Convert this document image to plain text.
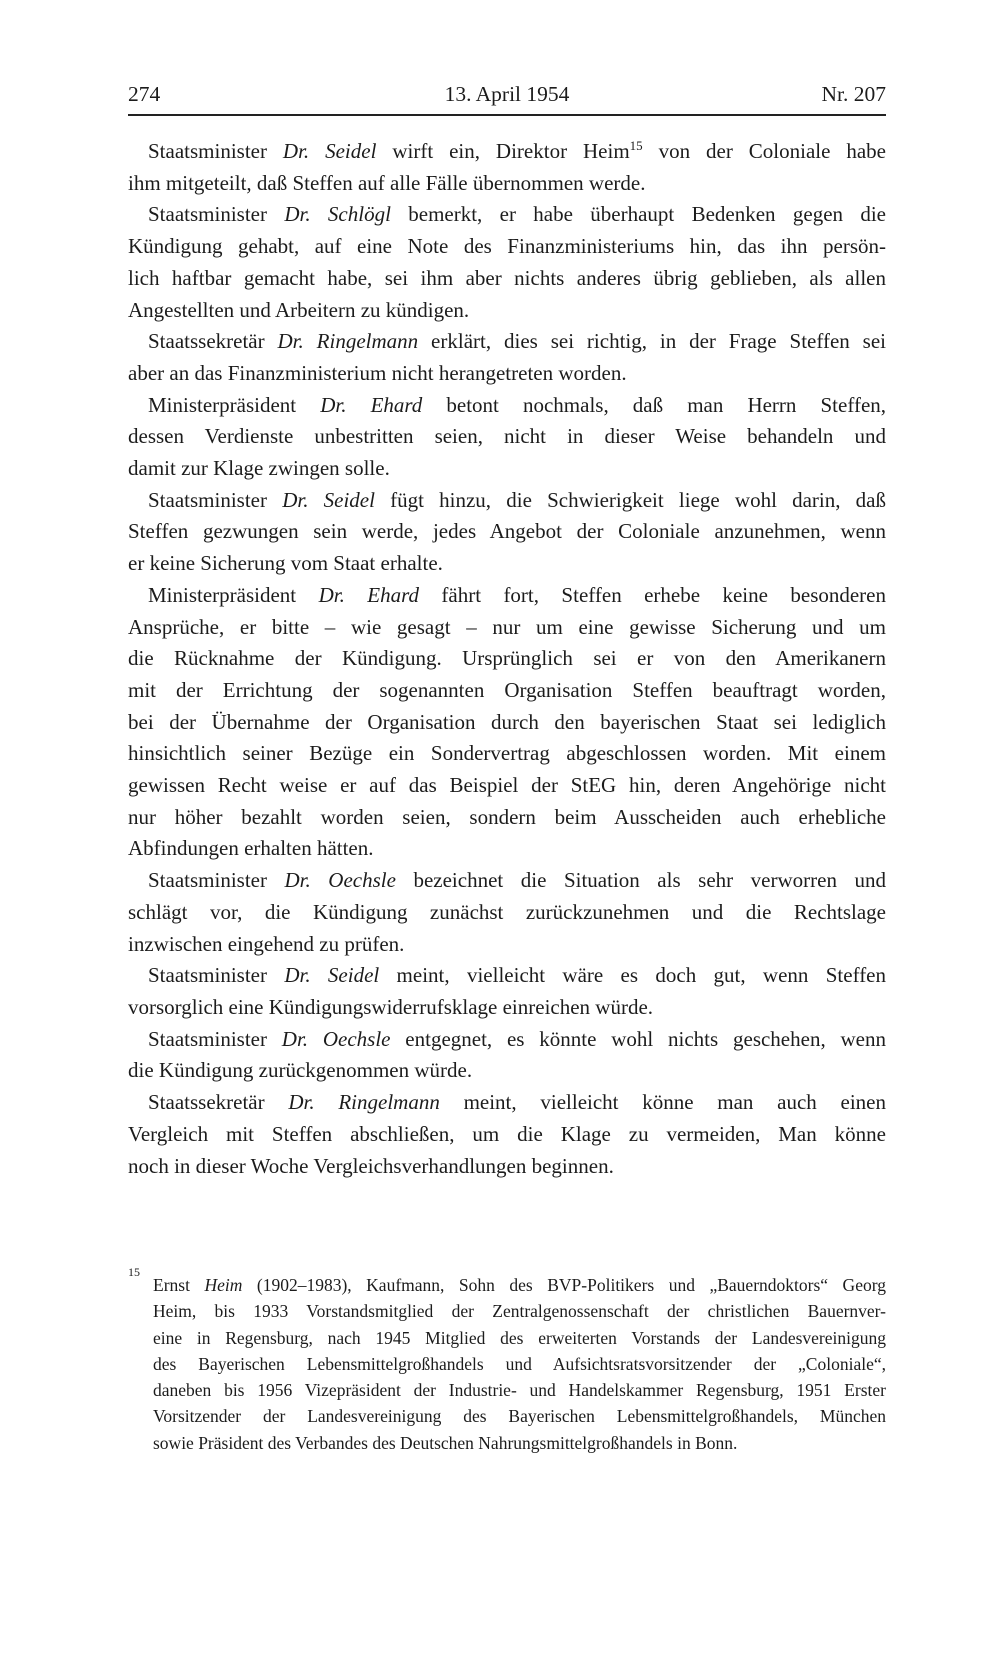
274	13. April 1954	Nr. 207
Staatsminister Dr. Seidel wirft ein, Direktor Heim$^{15}$ von der Coloniale habe
ihm mitgeteilt, daß Steffen auf alle Fälle übernommen werde.
Staatsminister Dr. Schlögl bemerkt, er habe überhaupt Bedenken gegen die
Kündigung gehabt, auf eine Note des Finanzministeriums hin, das ihn persön-
lich haftbar gemacht habe, sei ihm aber nichts anderes übrig geblieben, als allen
Angestellten und Arbeitern zu kündigen.
Staatssekretär Dr. Ringelmann erklärt, dies sei richtig, in der Frage Steffen sei
aber an das Finanzministerium nicht herangetreten worden.
Ministerpräsident Dr. Ehard betont nochmals, daß man Herrn Steffen,
dessen Verdienste unbestritten seien, nicht in dieser Weise behandeln und
damit zur Klage zwingen solle.
Staatsminister Dr. Seidel fügt hinzu, die Schwierigkeit liege wohl darin, daß
Steffen gezwungen sein werde, jedes Angebot der Coloniale anzunehmen, wenn
er keine Sicherung vom Staat erhalte.
Ministerpräsident Dr. Ehard fährt fort, Steffen erhebe keine besonderen
Ansprüche, er bitte – wie gesagt – nur um eine gewisse Sicherung und um
die Rücknahme der Kündigung. Ursprünglich sei er von den Amerikanern
mit der Errichtung der sogenannten Organisation Steffen beauftragt worden,
bei der Übernahme der Organisation durch den bayerischen Staat sei lediglich
hinsichtlich seiner Bezüge ein Sondervertrag abgeschlossen worden. Mit einem
gewissen Recht weise er auf das Beispiel der StEG hin, deren Angehörige nicht
nur höher bezahlt worden seien, sondern beim Ausscheiden auch erhebliche
Abfindungen erhalten hätten.
Staatsminister Dr. Oechsle bezeichnet die Situation als sehr verworren und
schlägt vor, die Kündigung zunächst zurückzunehmen und die Rechtslage
inzwischen eingehend zu prüfen.
Staatsminister Dr. Seidel meint, vielleicht wäre es doch gut, wenn Steffen
vorsorglich eine Kündigungswiderrufsklage einreichen würde.
Staatsminister Dr. Oechsle entgegnet, es könnte wohl nichts geschehen, wenn
die Kündigung zurückgenommen würde.
Staatssekretär Dr. Ringelmann meint, vielleicht könne man auch einen
Vergleich mit Steffen abschließen, um die Klage zu vermeiden, Man könne
noch in dieser Woche Vergleichsverhandlungen beginnen.
15
Ernst Heim (1902–1983), Kaufmann, Sohn des BVP-Politikers und „Bauerndoktors“ Georg
Heim, bis 1933 Vorstandsmitglied der Zentralgenossenschaft der christlichen Bauernver-
eine in Regensburg, nach 1945 Mitglied des erweiterten Vorstands der Landesvereinigung
des Bayerischen Lebensmittelgroßhandels und Aufsichtsratsvorsitzender der „Coloniale“,
daneben bis 1956 Vizepräsident der Industrie- und Handelskammer Regensburg, 1951 Erster
Vorsitzender der Landesvereinigung des Bayerischen Lebensmittelgroßhandels, München
sowie Präsident des Verbandes des Deutschen Nahrungsmittelgroßhandels in Bonn.
